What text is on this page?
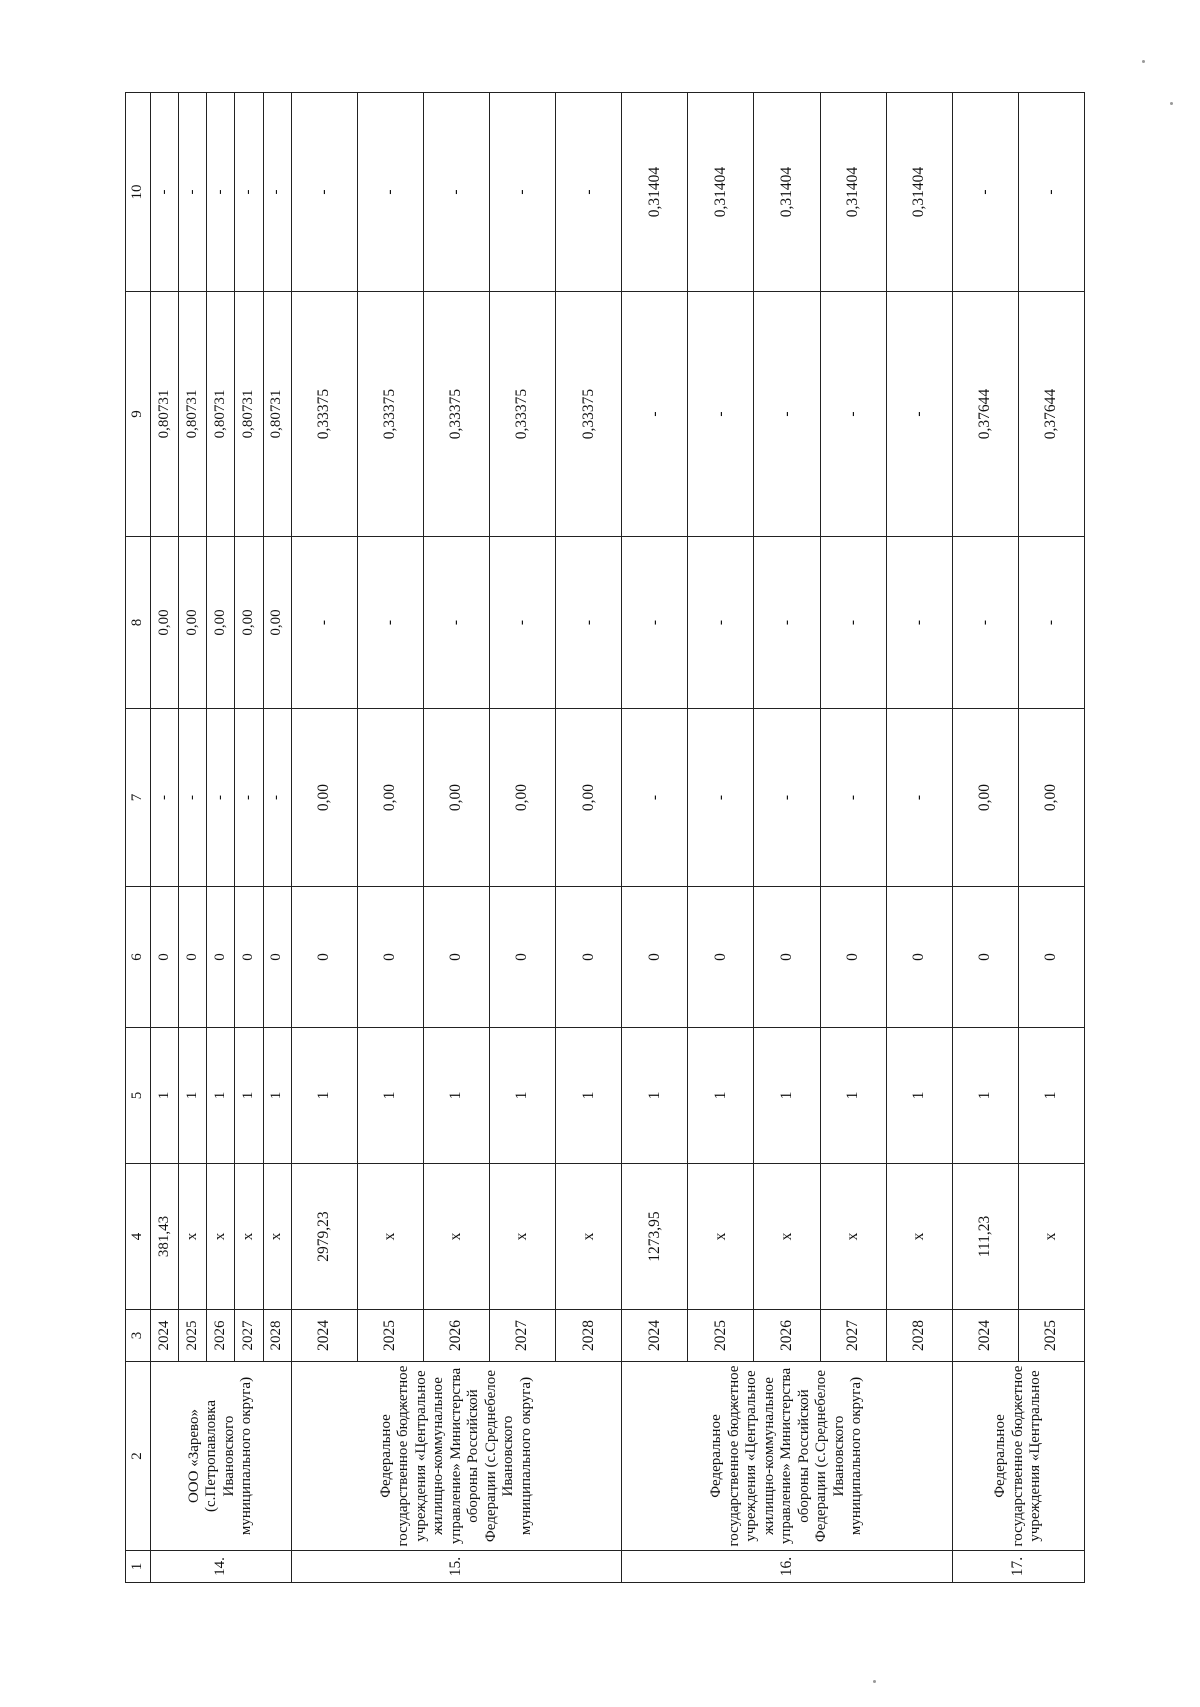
1	2	3	4	5	6	7	8	9	10
14.	ООО «Зарево» (с.Петропавловка Ивановского муниципального округа)	2024	381,43	1	0	-	0,00	0,80731	-
		2025	x	1	0	-	0,00	0,80731	-
		2026	x	1	0	-	0,00	0,80731	-
		2027	x	1	0	-	0,00	0,80731	-
		2028	x	1	0	-	0,00	0,80731	-
15.	Федеральное государственное бюджетное учреждения «Центральное жилищно-коммунальное управление» Министерства обороны Российской Федерации (с.Среднебелое Ивановского муниципального округа)	2024	2979,23	1	0	0,00	-	0,33375	-
		2025	x	1	0	0,00	-	0,33375	-
		2026	x	1	0	0,00	-	0,33375	-
		2027	x	1	0	0,00	-	0,33375	-
		2028	x	1	0	0,00	-	0,33375	-
16.	Федеральное государственное бюджетное учреждения «Центральное жилищно-коммунальное управление» Министерства обороны Российской Федерации (с.Среднебелое Ивановского муниципального округа)	2024	1273,95	1	0	-	-	-	0,31404
		2025	x	1	0	-	-	-	0,31404
		2026	x	1	0	-	-	-	0,31404
		2027	x	1	0	-	-	-	0,31404
		2028	x	1	0	-	-	-	0,31404
17.	Федеральное государственное бюджетное учреждения «Центральное	2024	111,23	1	0	0,00	-	0,37644	-
		2025	x	1	0	0,00	-	0,37644	-
